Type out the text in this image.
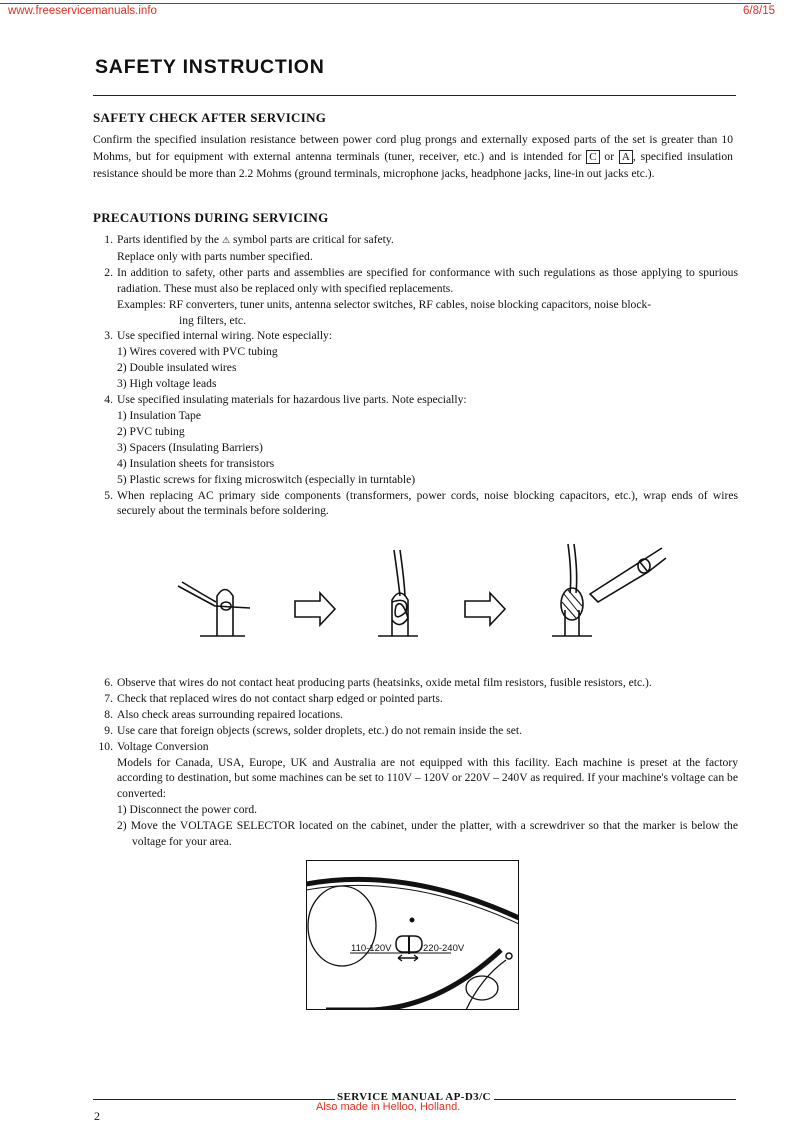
www.freeservicemanuals.info	6/8/15
SAFETY INSTRUCTION
SAFETY CHECK AFTER SERVICING
Confirm the specified insulation resistance between power cord plug prongs and externally exposed parts of the set is greater than 10 Mohms, but for equipment with external antenna terminals (tuner, receiver, etc.) and is intended for C or A , specified insulation resistance should be more than 2.2 Mohms (ground terminals, microphone jacks, headphone jacks, line-in out jacks etc.).
PRECAUTIONS DURING SERVICING
1. Parts identified by the ⚠ symbol parts are critical for safety.
Replace only with parts number specified.
2. In addition to safety, other parts and assemblies are specified for conformance with such regulations as those applying to spurious radiation. These must also be replaced only with specified replacements.
Examples: RF converters, tuner units, antenna selector switches, RF cables, noise blocking capacitors, noise block-
ing filters, etc.
3. Use specified internal wiring. Note especially:
1) Wires covered with PVC tubing
2) Double insulated wires
3) High voltage leads
4. Use specified insulating materials for hazardous live parts. Note especially:
1) Insulation Tape
2) PVC tubing
3) Spacers (Insulating Barriers)
4) Insulation sheets for transistors
5) Plastic screws for fixing microswitch (especially in turntable)
5. When replacing AC primary side components (transformers, power cords, noise blocking capacitors, etc.), wrap ends of wires securely about the terminals before soldering.
6. Observe that wires do not contact heat producing parts (heatsinks, oxide metal film resistors, fusible resistors, etc.).
7. Check that replaced wires do not contact sharp edged or pointed parts.
8. Also check areas surrounding repaired locations.
9. Use care that foreign objects (screws, solder droplets, etc.) do not remain inside the set.
10. Voltage Conversion
Models for Canada, USA, Europe, UK and Australia are not equipped with this facility. Each machine is preset at the factory according to destination, but some machines can be set to 110V – 120V or 220V – 240V as required. If your machine's voltage can be converted:
1) Disconnect the power cord.
2) Move the VOLTAGE SELECTOR located on the cabinet, under the platter, with a screwdriver so that the marker is below the voltage for your area.
110-120V	220-240V
SERVICE MANUAL AP-D3/C
Also made in Helloo, Holland.
2
